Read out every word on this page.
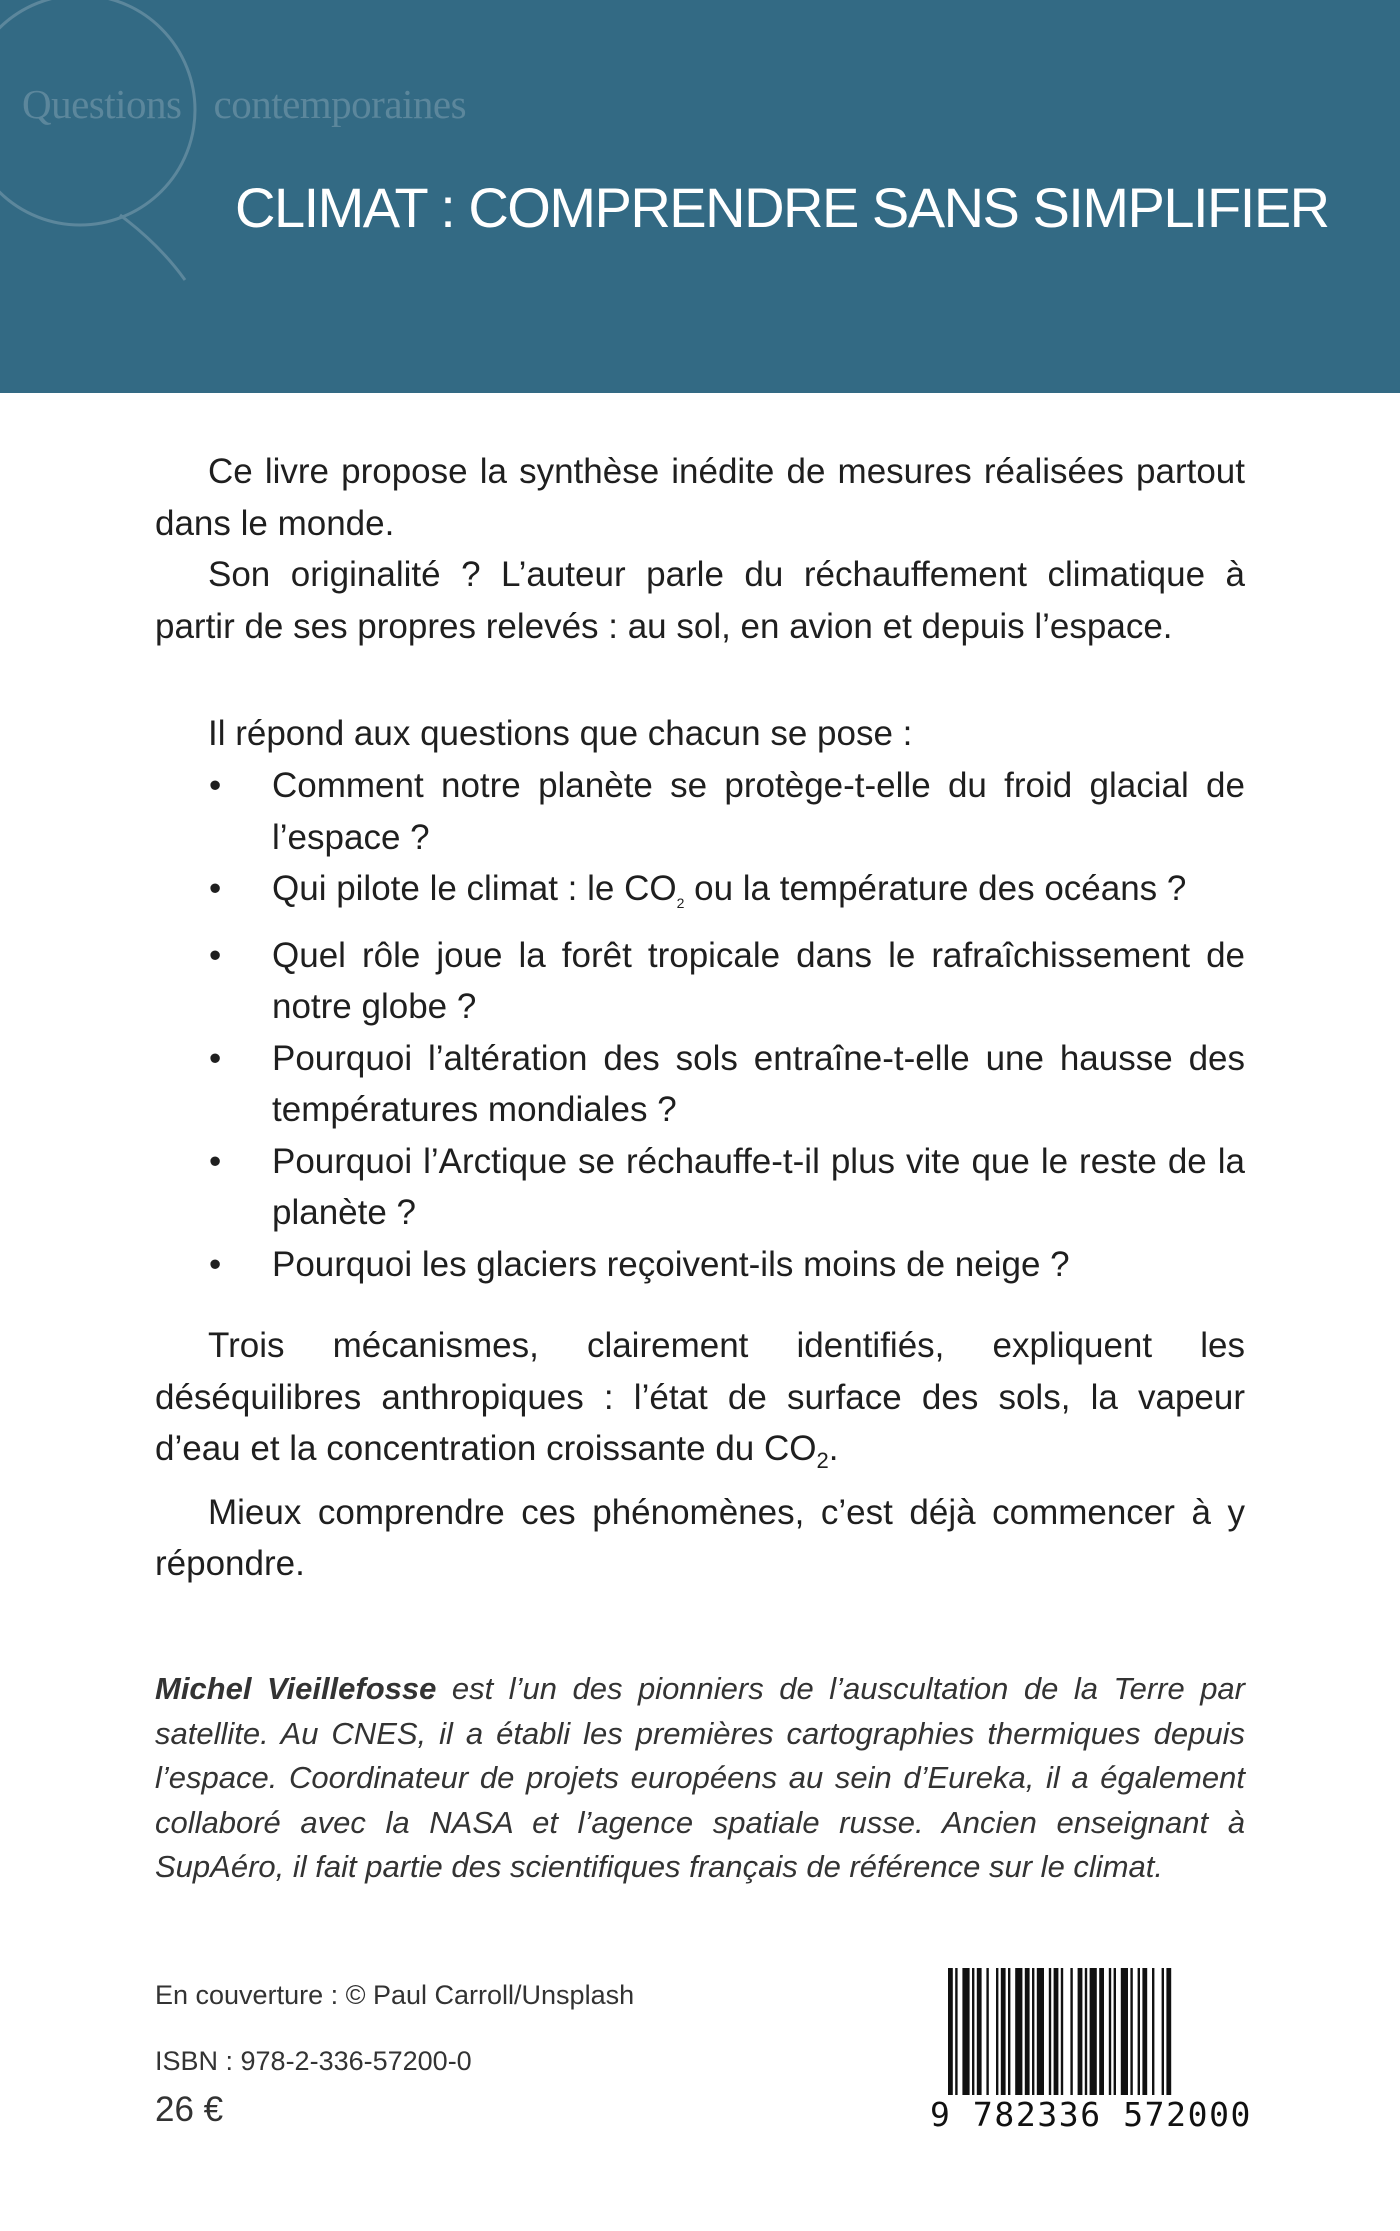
Questions contemporaines
CLIMAT : COMPRENDRE SANS SIMPLIFIER

Ce livre propose la synthèse inédite de mesures réalisées partout dans le monde.

Son originalité ? L’auteur parle du réchauffement climatique à partir de ses propres relevés : au sol, en avion et depuis l’espace.

Il répond aux questions que chacun se pose :

• Comment notre planète se protège-t-elle du froid glacial de l’espace ?
• Qui pilote le climat : le $CO_2$ ou la température des océans ?
• Quel rôle joue la forêt tropicale dans le rafraîchissement de notre globe ?
• Pourquoi l’altération des sols entraîne-t-elle une hausse des températures mondiales ?
• Pourquoi l’Arctique se réchauffe-t-il plus vite que le reste de la planète ?
• Pourquoi les glaciers reçoivent-ils moins de neige ?

Trois mécanismes, clairement identifiés, expliquent les déséquilibres anthropiques : l’état de surface des sols, la vapeur d’eau et la concentration croissante du $CO_2$.

Mieux comprendre ces phénomènes, c’est déjà commencer à y répondre.

Michel Vieillefosse est l’un des pionniers de l’auscultation de la Terre par satellite. Au CNES, il a établi les premières cartographies thermiques depuis l’espace. Coordinateur de projets européens au sein d’Eureka, il a également collaboré avec la NASA et l’agence spatiale russe. Ancien enseignant à SupAéro, il fait partie des scientifiques français de référence sur le climat.
En couverture : © Paul Carroll/Unsplash
ISBN : 978-2-336-57200-0
26 €	9 782336 572000
